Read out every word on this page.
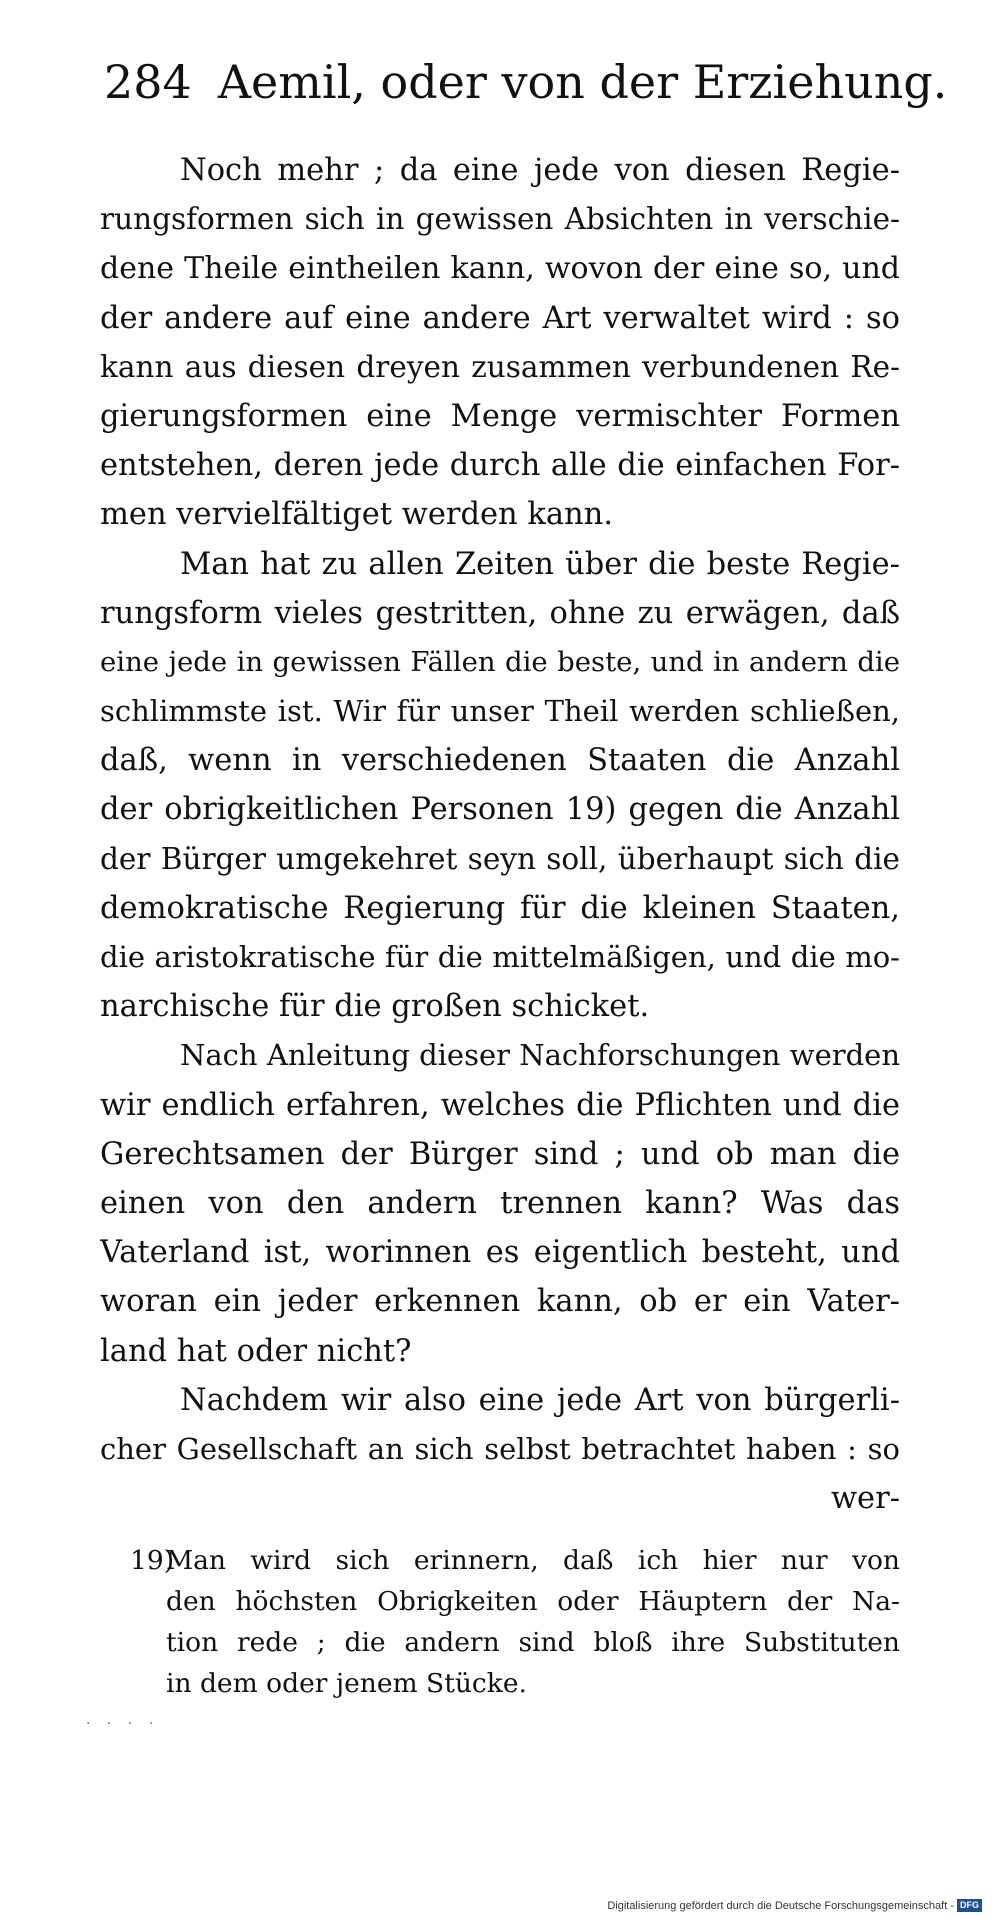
284 Aemil, oder von der Erziehung.
Noch mehr ; da eine jede von diesen Regie-
rungsformen sich in gewissen Absichten in verschie-
dene Theile eintheilen kann, wovon der eine so, und
der andere auf eine andere Art verwaltet wird : so
kann aus diesen dreyen zusammen verbundenen Re-
gierungsformen eine Menge vermischter Formen
entstehen, deren jede durch alle die einfachen For-
men vervielfältiget werden kann.
Man hat zu allen Zeiten über die beste Regie-
rungsform vieles gestritten, ohne zu erwägen, daß
eine jede in gewissen Fällen die beste, und in andern die
schlimmste ist. Wir für unser Theil werden schließen,
daß, wenn in verschiedenen Staaten die Anzahl
der obrigkeitlichen Personen 19) gegen die Anzahl
der Bürger umgekehret seyn soll, überhaupt sich die
demokratische Regierung für die kleinen Staaten,
die aristokratische für die mittelmäßigen, und die mo-
narchische für die großen schicket.
Nach Anleitung dieser Nachforschungen werden
wir endlich erfahren, welches die Pflichten und die
Gerechtsamen der Bürger sind ; und ob man die
einen von den andern trennen kann? Was das
Vaterland ist, worinnen es eigentlich besteht, und
woran ein jeder erkennen kann, ob er ein Vater-
land hat oder nicht?
Nachdem wir also eine jede Art von bürgerli-
cher Gesellschaft an sich selbst betrachtet haben : so
wer-
19)Man wird sich erinnern, daß ich hier nur von
den höchsten Obrigkeiten oder Häuptern der Na-
tion rede ; die andern sind bloß ihre Substituten
in dem oder jenem Stücke.
· · · ·
Digitalisierung gefördert durch die Deutsche Forschungsgemeinschaft - DFG
